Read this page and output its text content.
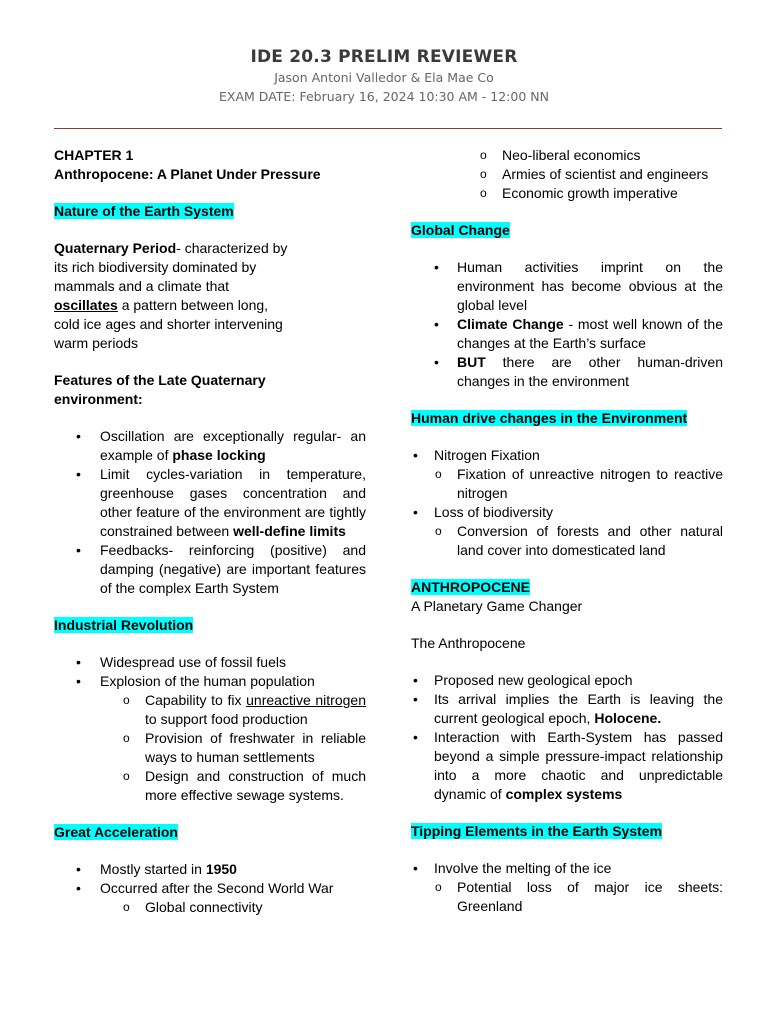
IDE 20.3 PRELIM REVIEWER
Jason Antoni Valledor & Ela Mae Co
EXAM DATE: February 16, 2024 10:30 AM - 12:00 NN
CHAPTER 1
Anthropocene: A Planet Under Pressure
Nature of the Earth System
Quaternary Period- characterized by
its rich biodiversity dominated by
mammals and a climate that
oscillates a pattern between long,
cold ice ages and shorter intervening
warm periods
Features of the Late Quaternary
environment:
• Oscillation are exceptionally regular- an example of phase locking
• Limit cycles-variation in temperature, greenhouse gases concentration and other feature of the environment are tightly constrained between well-define limits
• Feedbacks- reinforcing (positive) and damping (negative) are important features of the complex Earth System
Industrial Revolution
• Widespread use of fossil fuels
• Explosion of the human population
o Capability to fix unreactive nitrogen to support food production
o Provision of freshwater in reliable ways to human settlements
o Design and construction of much more effective sewage systems.
Great Acceleration
• Mostly started in 1950
• Occurred after the Second World War
o Global connectivity
o Neo-liberal economics
o Armies of scientist and engineers
o Economic growth imperative
Global Change
• Human activities imprint on the environment has become obvious at the global level
• Climate Change - most well known of the changes at the Earth’s surface
• BUT there are other human-driven changes in the environment
Human drive changes in the Environment
• Nitrogen Fixation
o Fixation of unreactive nitrogen to reactive nitrogen
• Loss of biodiversity
o Conversion of forests and other natural land cover into domesticated land
ANTHROPOCENE
A Planetary Game Changer
The Anthropocene
• Proposed new geological epoch
• Its arrival implies the Earth is leaving the current geological epoch, Holocene.
• Interaction with Earth-System has passed beyond a simple pressure-impact relationship into a more chaotic and unpredictable dynamic of complex systems
Tipping Elements in the Earth System
• Involve the melting of the ice
o Potential loss of major ice sheets: Greenland
